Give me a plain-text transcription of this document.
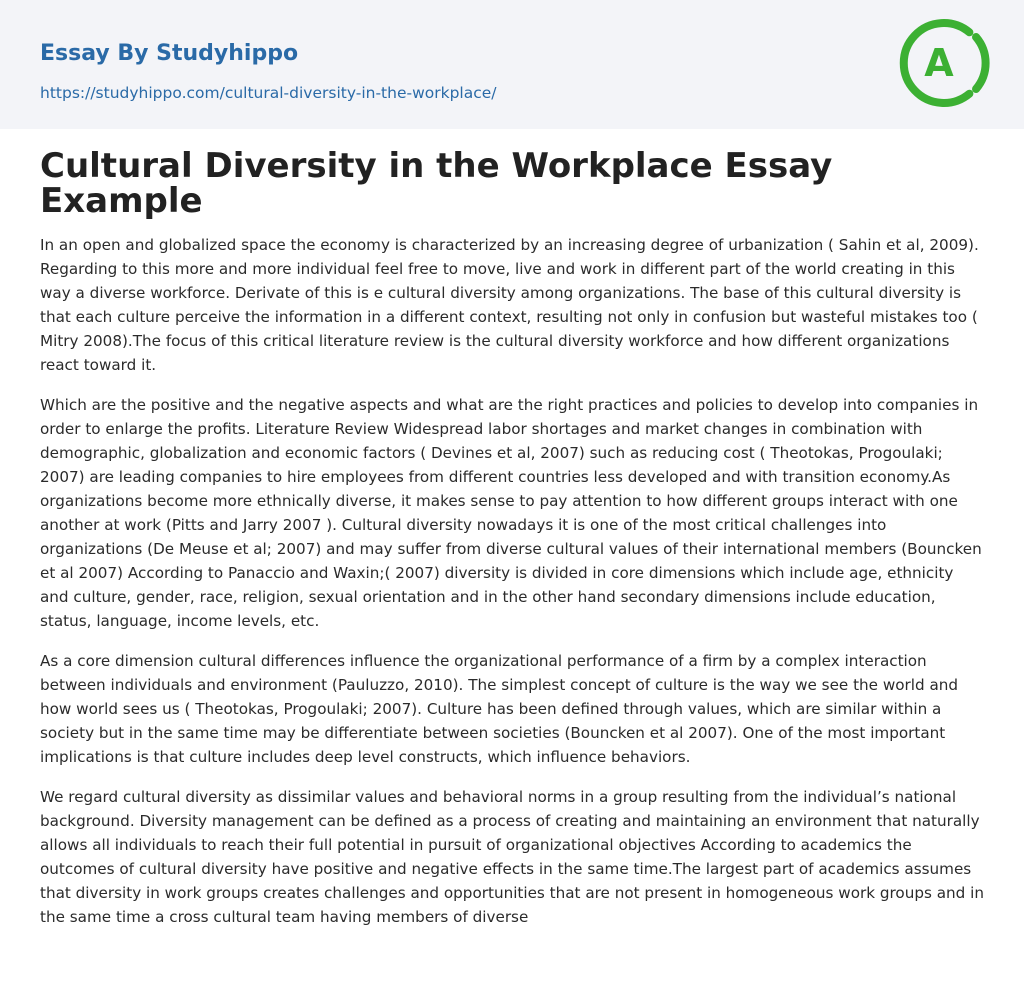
Essay By Studyhippo
https://studyhippo.com/cultural-diversity-in-the-workplace/
A
Cultural Diversity in the Workplace Essay Example

In an open and globalized space the economy is characterized by an increasing degree of urbanization ( Sahin et al, 2009). Regarding to this more and more individual feel free to move, live and work in different part of the world creating in this way a diverse workforce. Derivate of this is e cultural diversity among organizations. The base of this cultural diversity is that each culture perceive the information in a different context, resulting not only in confusion but wasteful mistakes too ( Mitry 2008).The focus of this critical literature review is the cultural diversity workforce and how different organizations react toward it.

Which are the positive and the negative aspects and what are the right practices and policies to develop into companies in order to enlarge the profits. Literature Review Widespread labor shortages and market changes in combination with demographic, globalization and economic factors ( Devines et al, 2007) such as reducing cost ( Theotokas, Progoulaki; 2007) are leading companies to hire employees from different countries less developed and with transition economy.As organizations become more ethnically diverse, it makes sense to pay attention to how different groups interact with one another at work (Pitts and Jarry 2007 ). Cultural diversity nowadays it is one of the most critical challenges into organizations (De Meuse et al; 2007) and may suffer from diverse cultural values of their international members (Bouncken et al 2007) According to Panaccio and Waxin;( 2007) diversity is divided in core dimensions which include age, ethnicity and culture, gender, race, religion, sexual orientation and in the other hand secondary dimensions include education, status, language, income levels, etc.

As a core dimension cultural differences influence the organizational performance of a firm by a complex interaction between individuals and environment (Pauluzzo, 2010). The simplest concept of culture is the way we see the world and how world sees us ( Theotokas, Progoulaki; 2007). Culture has been defined through values, which are similar within a society but in the same time may be differentiate between societies (Bouncken et al 2007). One of the most important implications is that culture includes deep level constructs, which influence behaviors.

We regard cultural diversity as dissimilar values and behavioral norms in a group resulting from the individual’s national background. Diversity management can be defined as a process of creating and maintaining an environment that naturally allows all individuals to reach their full potential in pursuit of organizational objectives According to academics the outcomes of cultural diversity have positive and negative effects in the same time.The largest part of academics assumes that diversity in work groups creates challenges and opportunities that are not present in homogeneous work groups and in the same time a cross cultural team having members of diverse
